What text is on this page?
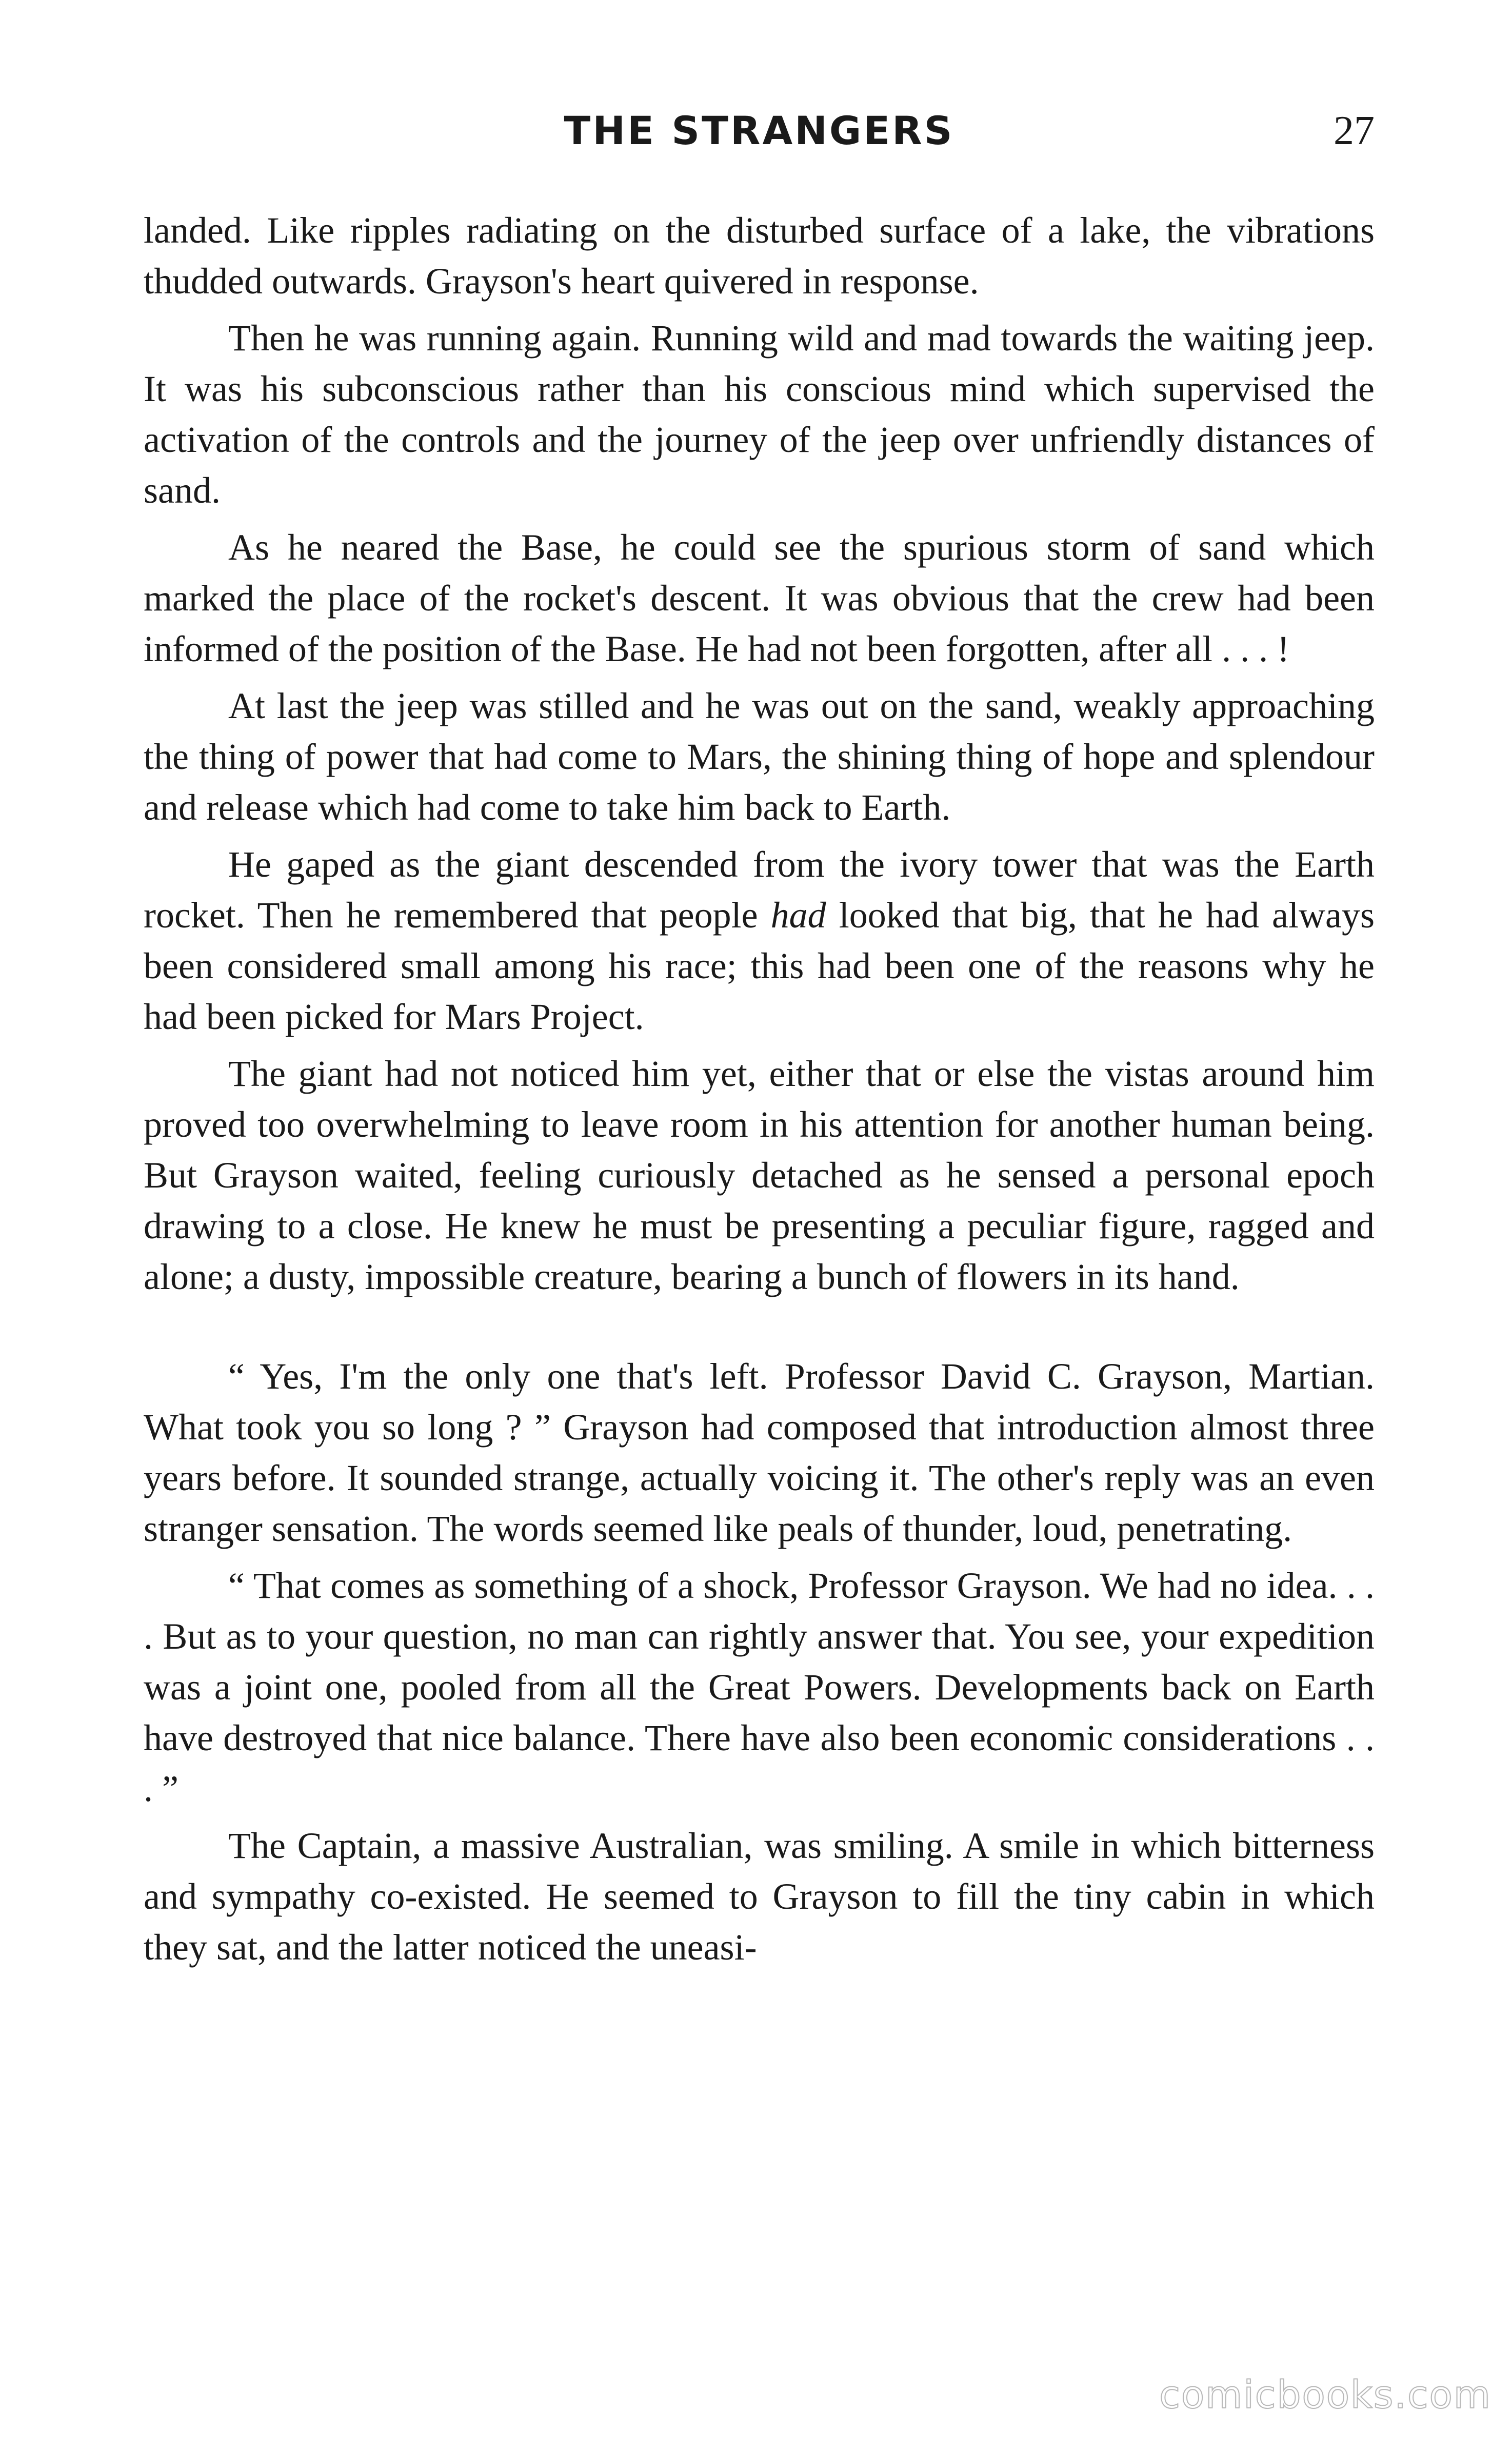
THE STRANGERS	27

landed. Like ripples radiating on the disturbed surface of a lake, the vibrations thudded outwards. Grayson's heart quivered in response.

Then he was running again. Running wild and mad towards the waiting jeep. It was his subconscious rather than his conscious mind which supervised the activation of the controls and the journey of the jeep over unfriendly distances of sand.

As he neared the Base, he could see the spurious storm of sand which marked the place of the rocket's descent. It was obvious that the crew had been informed of the position of the Base. He had not been forgotten, after all . . . !

At last the jeep was stilled and he was out on the sand, weakly approaching the thing of power that had come to Mars, the shining thing of hope and splendour and release which had come to take him back to Earth.

He gaped as the giant descended from the ivory tower that was the Earth rocket. Then he remembered that people had looked that big, that he had always been considered small among his race; this had been one of the reasons why he had been picked for Mars Project.

The giant had not noticed him yet, either that or else the vistas around him proved too overwhelming to leave room in his attention for another human being. But Grayson waited, feeling curiously detached as he sensed a personal epoch drawing to a close. He knew he must be presenting a peculiar figure, ragged and alone; a dusty, impossible creature, bearing a bunch of flowers in its hand.

“ Yes, I'm the only one that's left. Professor David C. Grayson, Martian. What took you so long ? ” Grayson had composed that introduction almost three years before. It sounded strange, actually voicing it. The other's reply was an even stranger sensation. The words seemed like peals of thunder, loud, penetrating.

“ That comes as something of a shock, Professor Grayson. We had no idea. . . . But as to your question, no man can rightly answer that. You see, your expedition was a joint one, pooled from all the Great Powers. Developments back on Earth have destroyed that nice balance. There have also been economic considerations . . . ”

The Captain, a massive Australian, was smiling. A smile in which bitterness and sympathy co-existed. He seemed to Grayson to fill the tiny cabin in which they sat, and the latter noticed the uneasi-

comicbooks.com
